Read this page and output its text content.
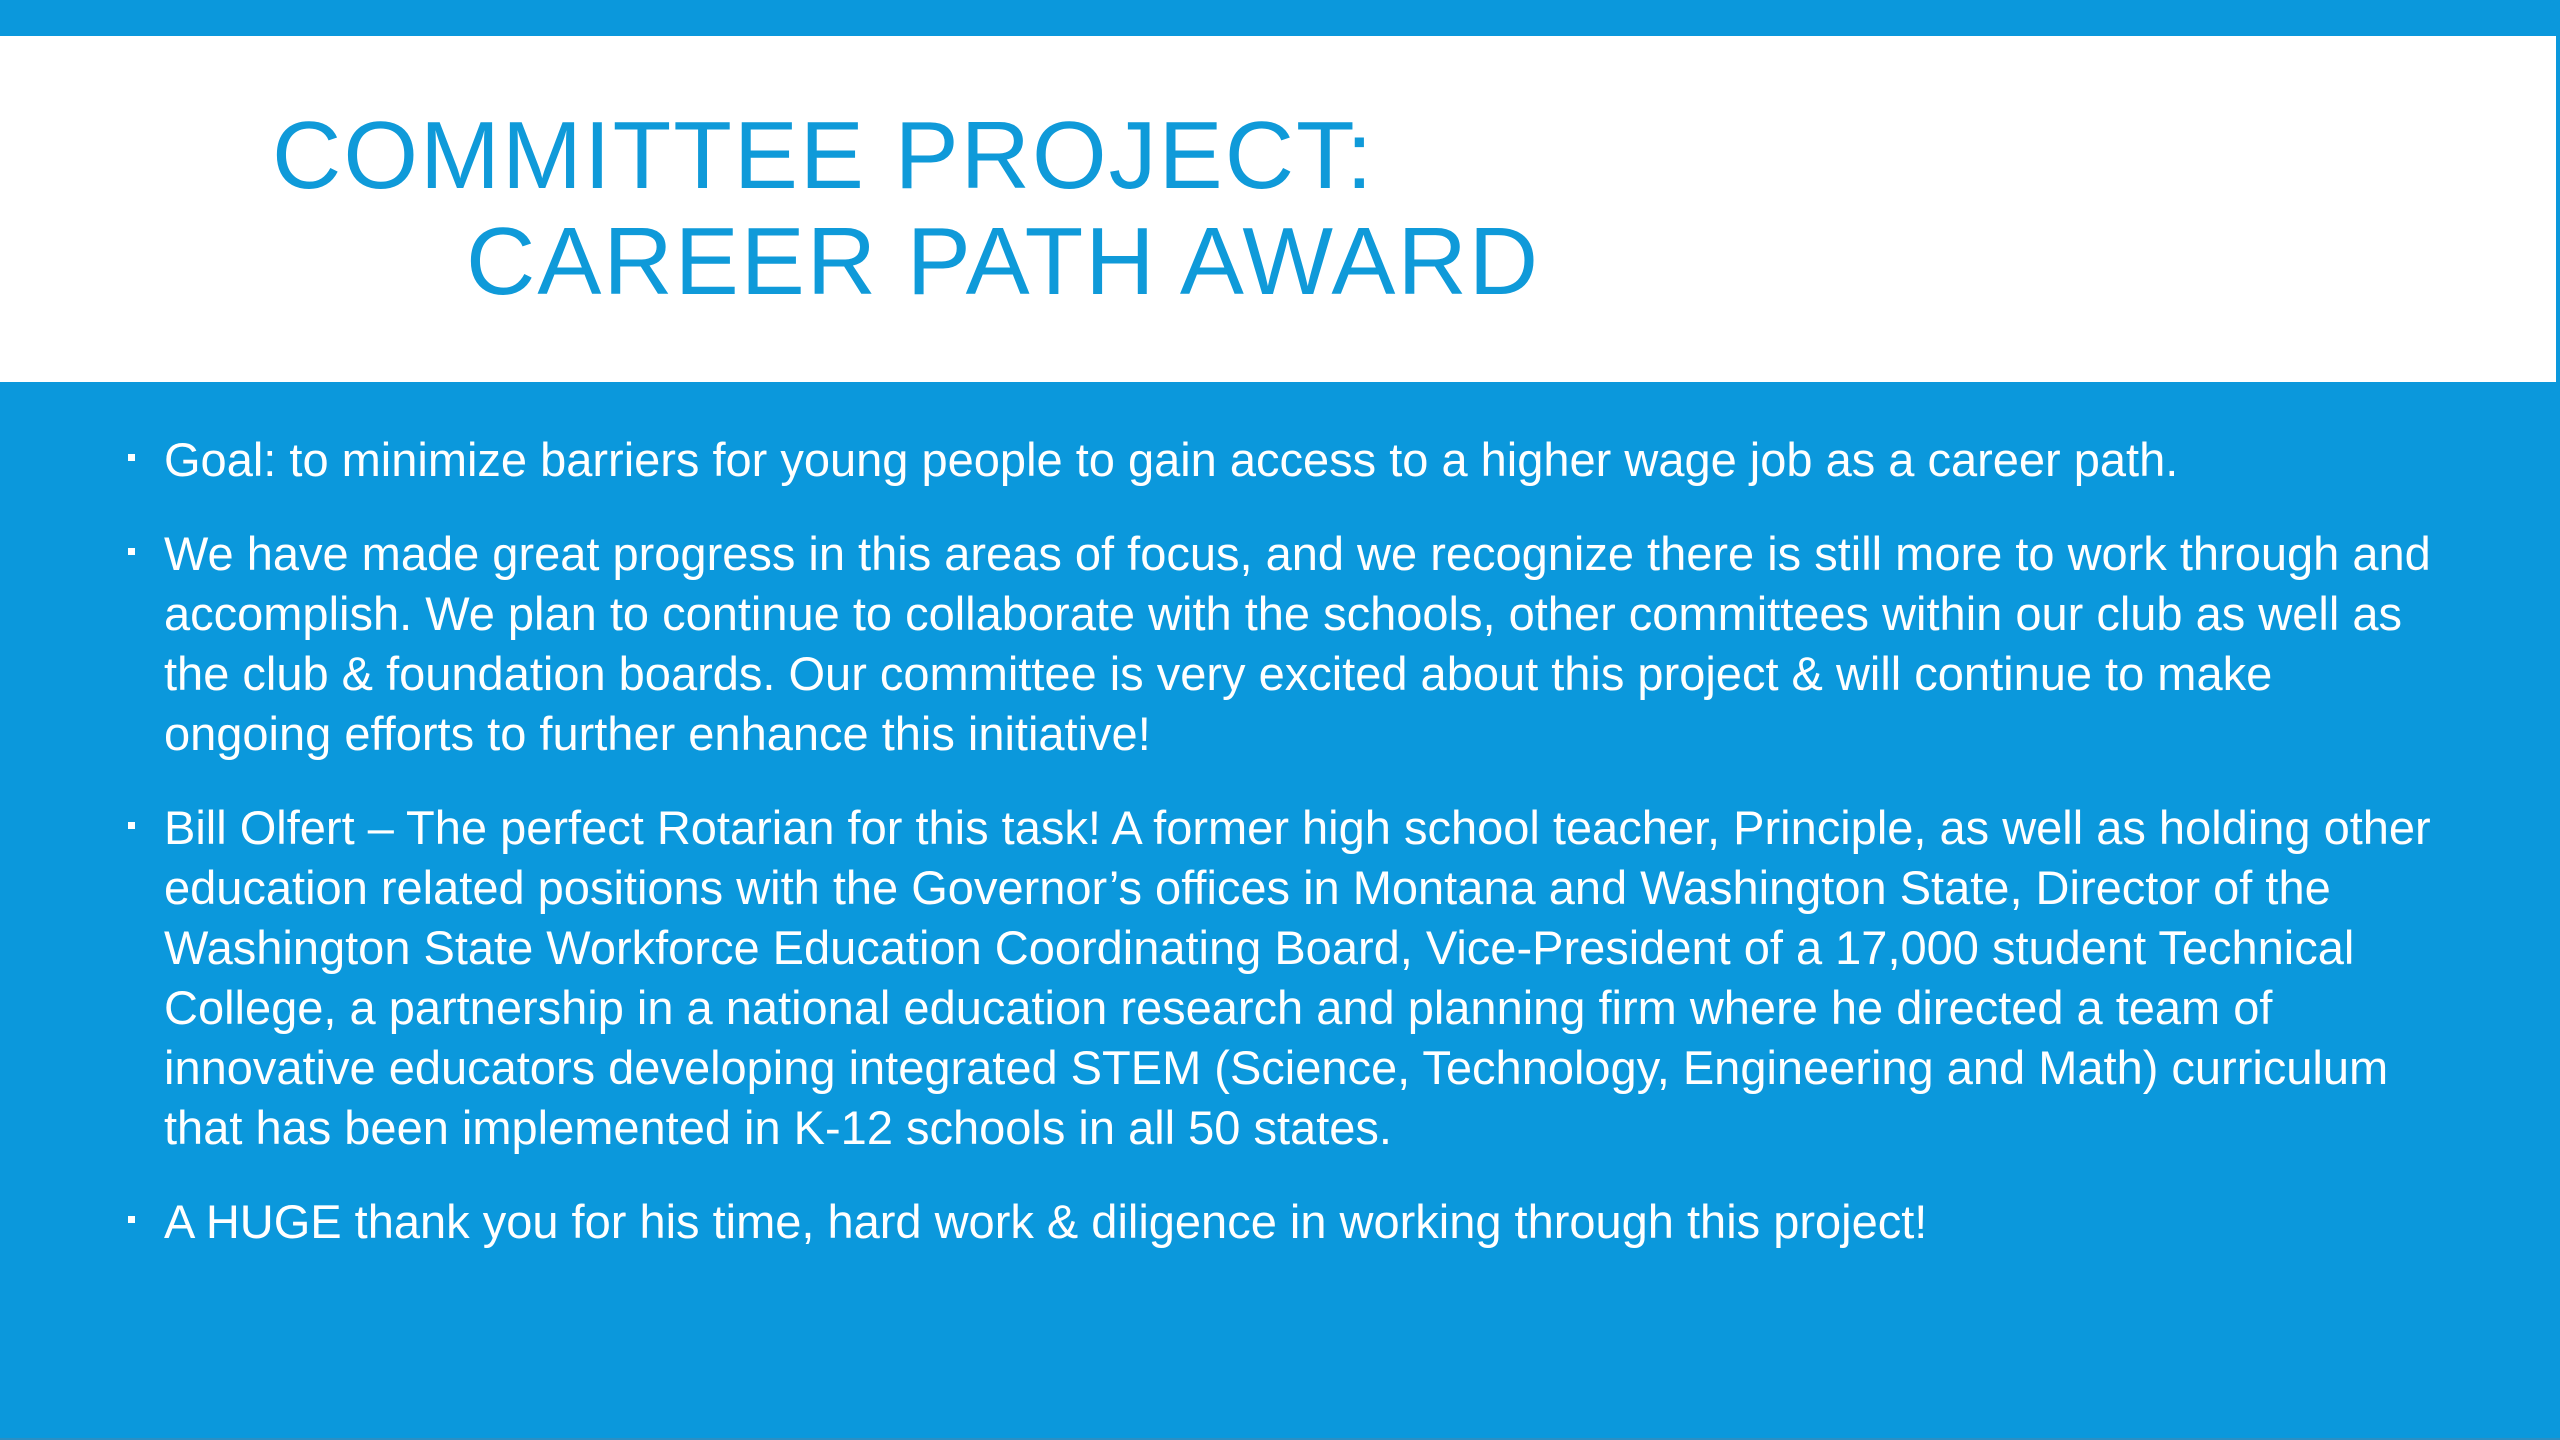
COMMITTEE PROJECT:
CAREER PATH AWARD
Goal: to minimize barriers for young people to gain access to a higher wage job as a career path.
We have made great progress in this areas of focus, and we recognize there is still more to work through and accomplish. We plan to continue to collaborate with the schools, other committees within our club as well as the club & foundation boards. Our committee is very excited about this project & will continue to make ongoing efforts to further enhance this initiative!
Bill Olfert – The perfect Rotarian for this task! A former high school teacher, Principle, as well as holding other education related positions with the Governor’s offices in Montana and Washington State, Director of the Washington State Workforce Education Coordinating Board, Vice-President of a 17,000 student Technical College, a partnership in a national education research and planning firm where he directed a team of innovative educators developing integrated STEM (Science, Technology, Engineering and Math) curriculum that has been implemented in K-12 schools in all 50 states.
A HUGE thank you for his time, hard work & diligence in working through this project!
